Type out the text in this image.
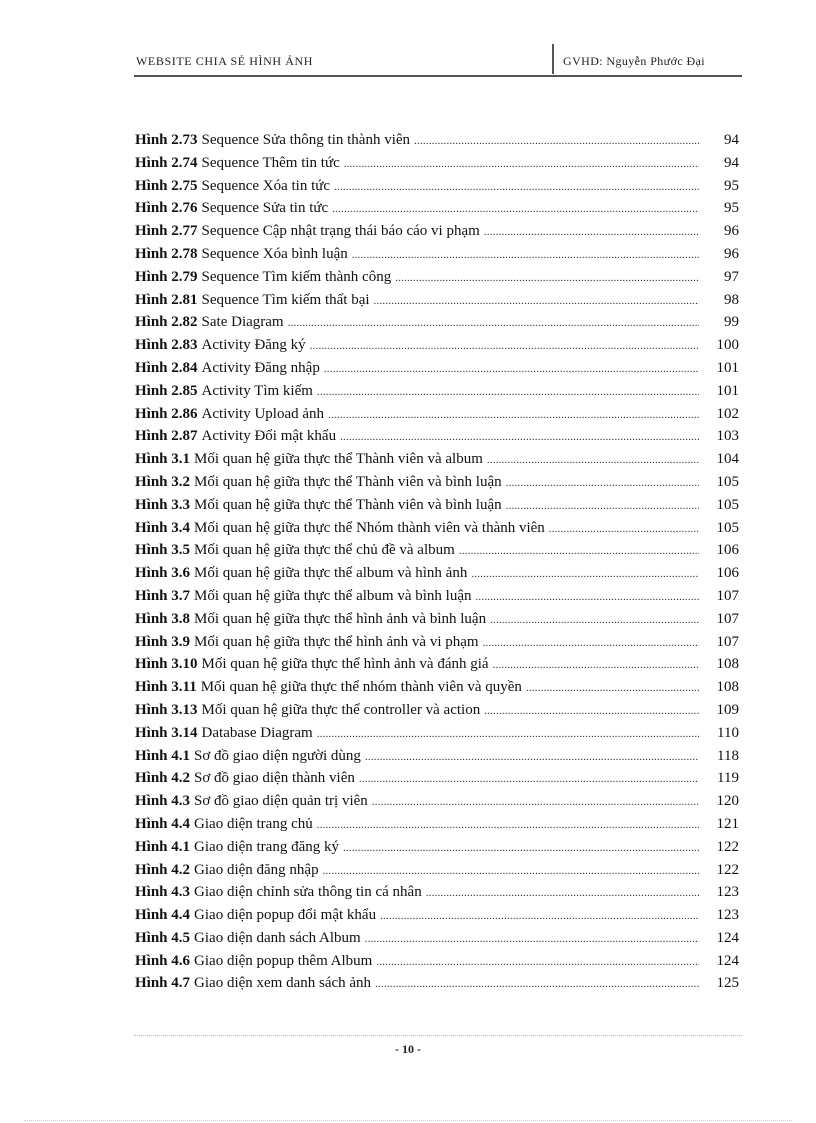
WEBSITE CHIA SẺ HÌNH ẢNH	GVHD: Nguyễn Phước Đại
Hình 2.73 Sequence Sửa thông tin thành viên .....	94
Hình 2.74 Sequence Thêm tin tức .....	94
Hình 2.75 Sequence Xóa tin tức .....	95
Hình 2.76 Sequence Sửa tin tức .....	95
Hình 2.77 Sequence Cập nhật trạng thái báo cáo vi phạm .....	96
Hình 2.78 Sequence Xóa bình luận .....	96
Hình 2.79 Sequence Tìm kiếm thành công .....	97
Hình 2.81 Sequence Tìm kiếm thất bại .....	98
Hình 2.82 Sate Diagram .....	99
Hình 2.83 Activity Đăng ký .....	100
Hình 2.84 Activity Đăng nhập .....	101
Hình 2.85 Activity Tìm kiếm .....	101
Hình 2.86 Activity Upload ảnh .....	102
Hình 2.87 Activity Đổi mật khẩu .....	103
Hình 3.1 Mối quan hệ giữa thực thể Thành viên và album .....	104
Hình 3.2 Mối quan hệ giữa thực thể Thành viên và bình luận .....	105
Hình 3.3 Mối quan hệ giữa thực thể Thành viên và bình luận .....	105
Hình 3.4 Mối quan hệ giữa thực thể Nhóm thành viên và thành viên .....	105
Hình 3.5 Mối quan hệ giữa thực thể chủ đề và album .....	106
Hình 3.6 Mối quan hệ giữa thực thể album và hình ảnh .....	106
Hình 3.7 Mối quan hệ giữa thực thể album và bình luận .....	107
Hình 3.8 Mối quan hệ giữa thực thể hình ảnh và bình luận .....	107
Hình 3.9 Mối quan hệ giữa thực thể hình ảnh và vi phạm .....	107
Hình 3.10 Mối quan hệ giữa thực thể hình ảnh và đánh giá .....	108
Hình 3.11 Mối quan hệ giữa thực thể nhóm thành viên và quyền .....	108
Hình 3.13 Mối quan hệ giữa thực thể controller và action .....	109
Hình 3.14 Database Diagram .....	110
Hình 4.1 Sơ đồ giao diện người dùng .....	118
Hình 4.2 Sơ đồ giao diện thành viên .....	119
Hình 4.3 Sơ đồ giao diện quản trị viên .....	120
Hình 4.4 Giao diện trang chủ .....	121
Hình 4.1 Giao diện trang đăng ký .....	122
Hình 4.2 Giao diện đăng nhập .....	122
Hình 4.3 Giao diện chỉnh sửa thông tin cá nhân .....	123
Hình 4.4 Giao diện popup đổi mật khẩu .....	123
Hình 4.5 Giao diện danh sách Album .....	124
Hình 4.6 Giao diện popup thêm Album .....	124
Hình 4.7 Giao diện xem danh sách ảnh .....	125
- 10 -
